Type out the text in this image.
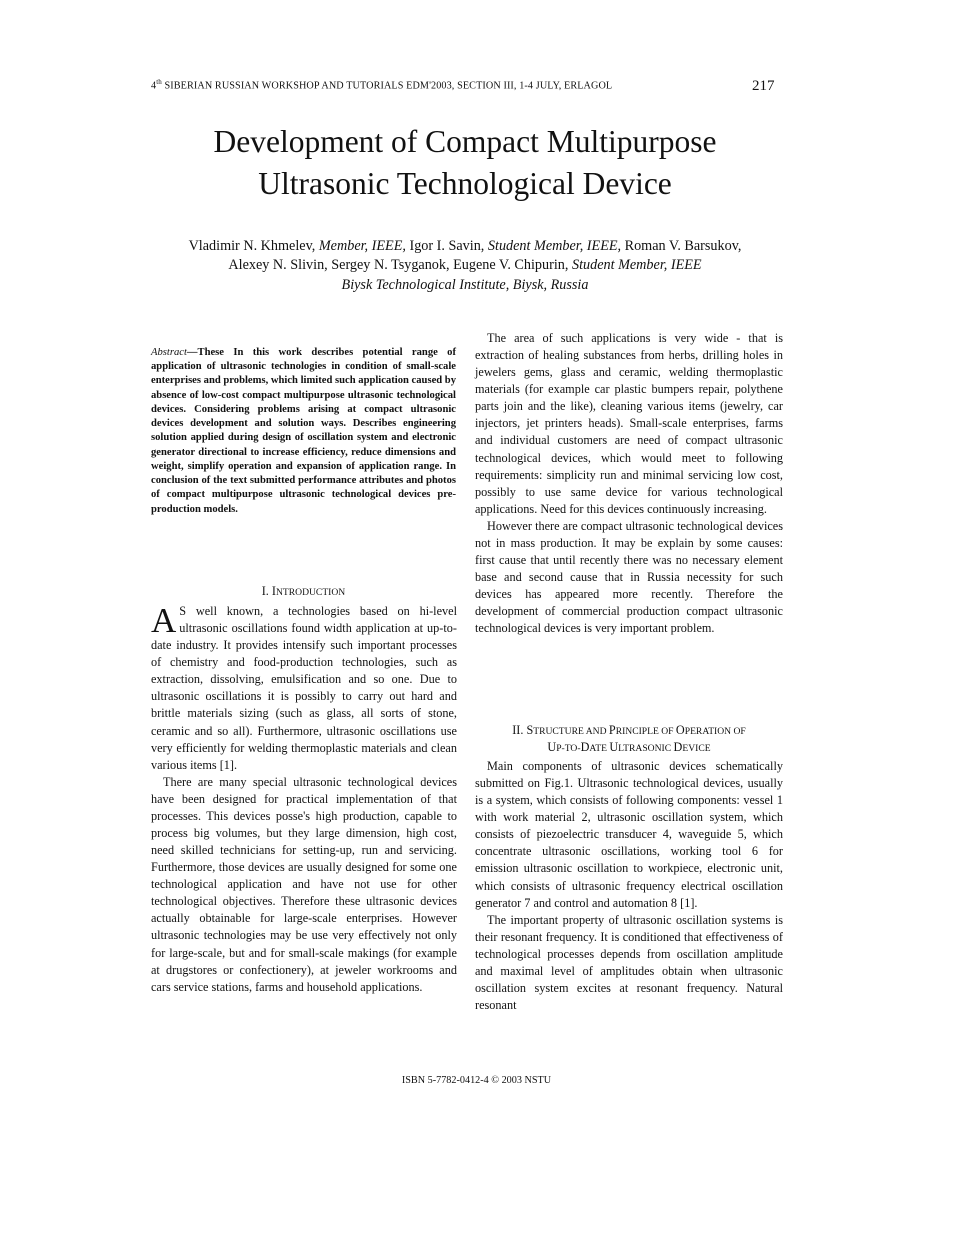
4th SIBERIAN RUSSIAN WORKSHOP AND TUTORIALS EDM'2003, SECTION III, 1-4 JULY, ERLAGOL	217
Development of Compact Multipurpose
Ultrasonic Technological Device
Vladimir N. Khmelev, Member, IEEE, Igor I. Savin, Student Member, IEEE, Roman V. Barsukov,
Alexey N. Slivin, Sergey N. Tsyganok, Eugene V. Chipurin, Student Member, IEEE
Biysk Technological Institute, Biysk, Russia
Abstract—These In this work describes potential range of application of ultrasonic technologies in condition of small-scale enterprises and problems, which limited such application caused by absence of low-cost compact multipurpose ultrasonic technological devices. Considering problems arising at compact ultrasonic devices development and solution ways. Describes engineering solution applied during design of oscillation system and electronic generator directional to increase efficiency, reduce dimensions and weight, simplify operation and expansion of application range. In conclusion of the text submitted performance attributes and photos of compact multipurpose ultrasonic technological devices pre-production models.
I. INTRODUCTION

A S well known, a technologies based on hi-level ultrasonic oscillations found width application at up-to-date industry. It provides intensify such important processes of chemistry and food-production technologies, such as extraction, dissolving, emulsification and so one. Due to ultrasonic oscillations it is possibly to carry out hard and brittle materials sizing (such as glass, all sorts of stone, ceramic and so all). Furthermore, ultrasonic oscillations use very efficiently for welding thermoplastic materials and clean various items [1].

There are many special ultrasonic technological devices have been designed for practical implementation of that processes. This devices posse's high production, capable to process big volumes, but they large dimension, high cost, need skilled technicians for setting-up, run and servicing. Furthermore, those devices are usually designed for some one technological application and have not use for other technological objectives. Therefore these ultrasonic devices actually obtainable for large-scale enterprises. However ultrasonic technologies may be use very effectively not only for large-scale, but and for small-scale makings (for example at drugstores or confectionery), at jeweler workrooms and cars service stations, farms and household applications.

The area of such applications is very wide - that is extraction of healing substances from herbs, drilling holes in jewelers gems, glass and ceramic, welding thermoplastic materials (for example car plastic bumpers repair, polythene parts join and the like), cleaning various items (jewelry, car injectors, jet printers heads). Small-scale enterprises, farms and individual customers are need of compact ultrasonic technological devices, which would meet to following requirements: simplicity run and minimal servicing low cost, possibly to use same device for various technological applications. Need for this devices continuously increasing.

However there are compact ultrasonic technological devices not in mass production. It may be explain by some causes: first cause that until recently there was no necessary element base and second cause that in Russia necessity for such devices has appeared more recently. Therefore the development of commercial production compact ultrasonic technological devices is very important problem.

II. STRUCTURE AND PRINCIPLE OF OPERATION OF
UP-TO-DATE ULTRASONIC DEVICE

Main components of ultrasonic devices schematically submitted on Fig.1. Ultrasonic technological devices, usually is a system, which consists of following components: vessel 1 with work material 2, ultrasonic oscillation system, which consists of piezoelectric transducer 4, waveguide 5, which concentrate ultrasonic oscillations, working tool 6 for emission ultrasonic oscillation to workpiece, electronic unit, which consists of ultrasonic frequency electrical oscillation generator 7 and control and automation 8 [1].

The important property of ultrasonic oscillation systems is their resonant frequency. It is conditioned that effectiveness of technological processes depends from oscillation amplitude and maximal level of amplitudes obtain when ultrasonic oscillation system excites at resonant frequency. Natural resonant

ISBN 5-7782-0412-4 © 2003 NSTU
